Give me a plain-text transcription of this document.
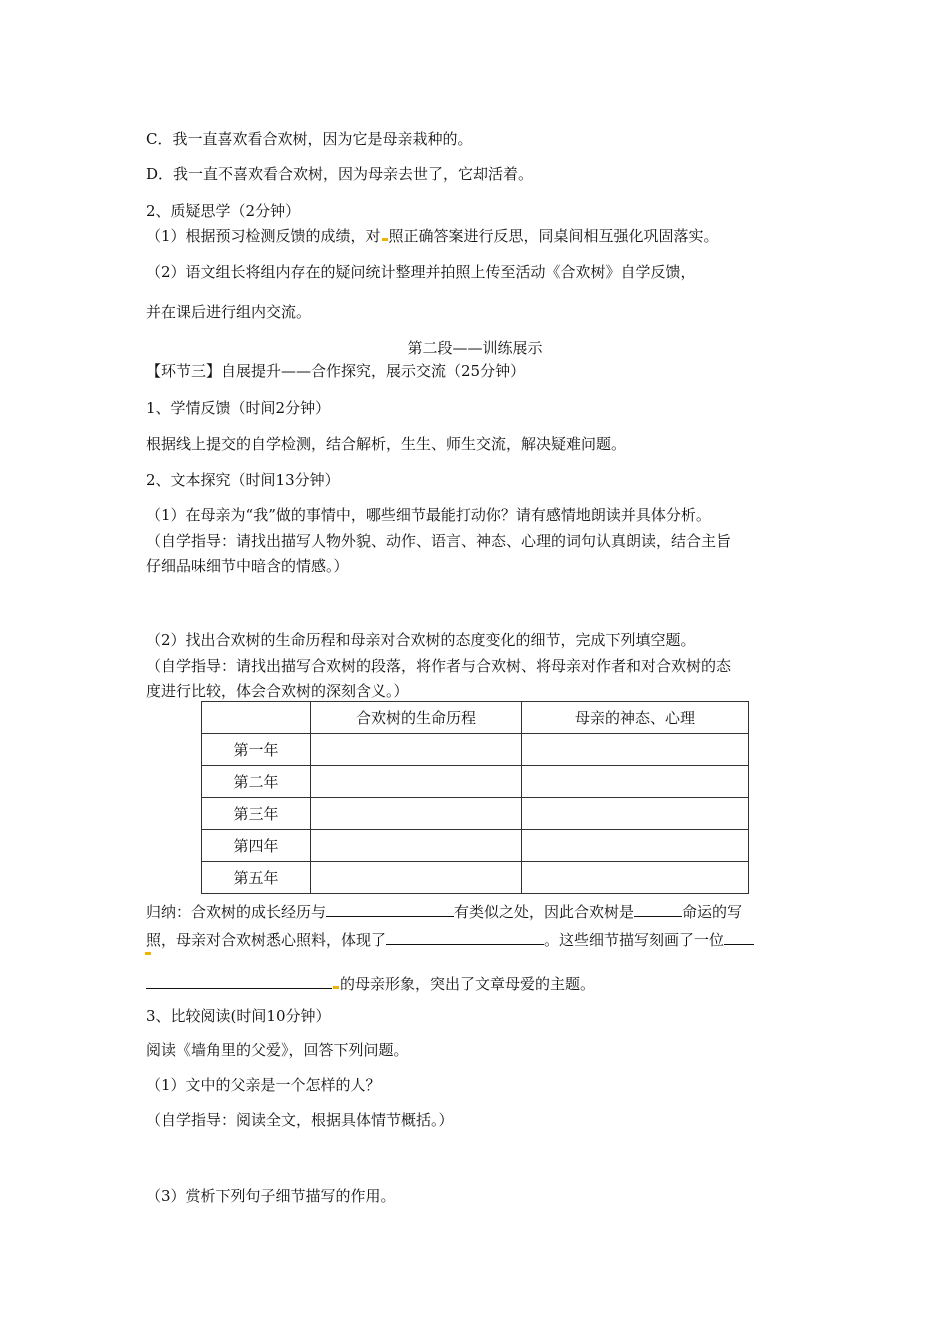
C．我一直喜欢看合欢树，因为它是母亲栽种的。
D．我一直不喜欢看合欢树，因为母亲去世了，它却活着。
2、质疑思学（2分钟）
（1）根据预习检测反馈的成绩，对 照正确答案进行反思，同桌间相互强化巩固落实。
（2）语文组长将组内存在的疑问统计整理并拍照上传至活动《合欢树》自学反馈，
并在课后进行组内交流。
第二段——训练展示
【环节三】自展提升——合作探究，展示交流（25分钟）
1、学情反馈（时间2分钟）
根据线上提交的自学检测，结合解析，生生、师生交流，解决疑难问题。
2、文本探究（时间13分钟）
（1）在母亲为“我”做的事情中，哪些细节最能打动你？请有感情地朗读并具体分析。
（自学指导：请找出描写人物外貌、动作、语言、神态、心理的词句认真朗读，结合主旨
仔细品味细节中暗含的情感。）
（2）找出合欢树的生命历程和母亲对合欢树的态度变化的细节，完成下列填空题。
（自学指导：请找出描写合欢树的段落，将作者与合欢树、将母亲对作者和对合欢树的态
度进行比较，体会合欢树的深刻含义。）
	合欢树的生命历程	母亲的神态、心理
第一年		
第二年		
第三年		
第四年		
第五年		
归纳：合欢树的成长经历与	有类似之处，因此合欢树是	命运的写
照，母亲对合欢树悉心照料，体现了	。这些细节描写刻画了一位
的母亲形象，突出了文章母爱的主题。
3、比较阅读(时间10分钟）
阅读《墙角里的父爱》，回答下列问题。
（1）文中的父亲是一个怎样的人？
（自学指导：阅读全文，根据具体情节概括。）
（3）赏析下列句子细节描写的作用。
